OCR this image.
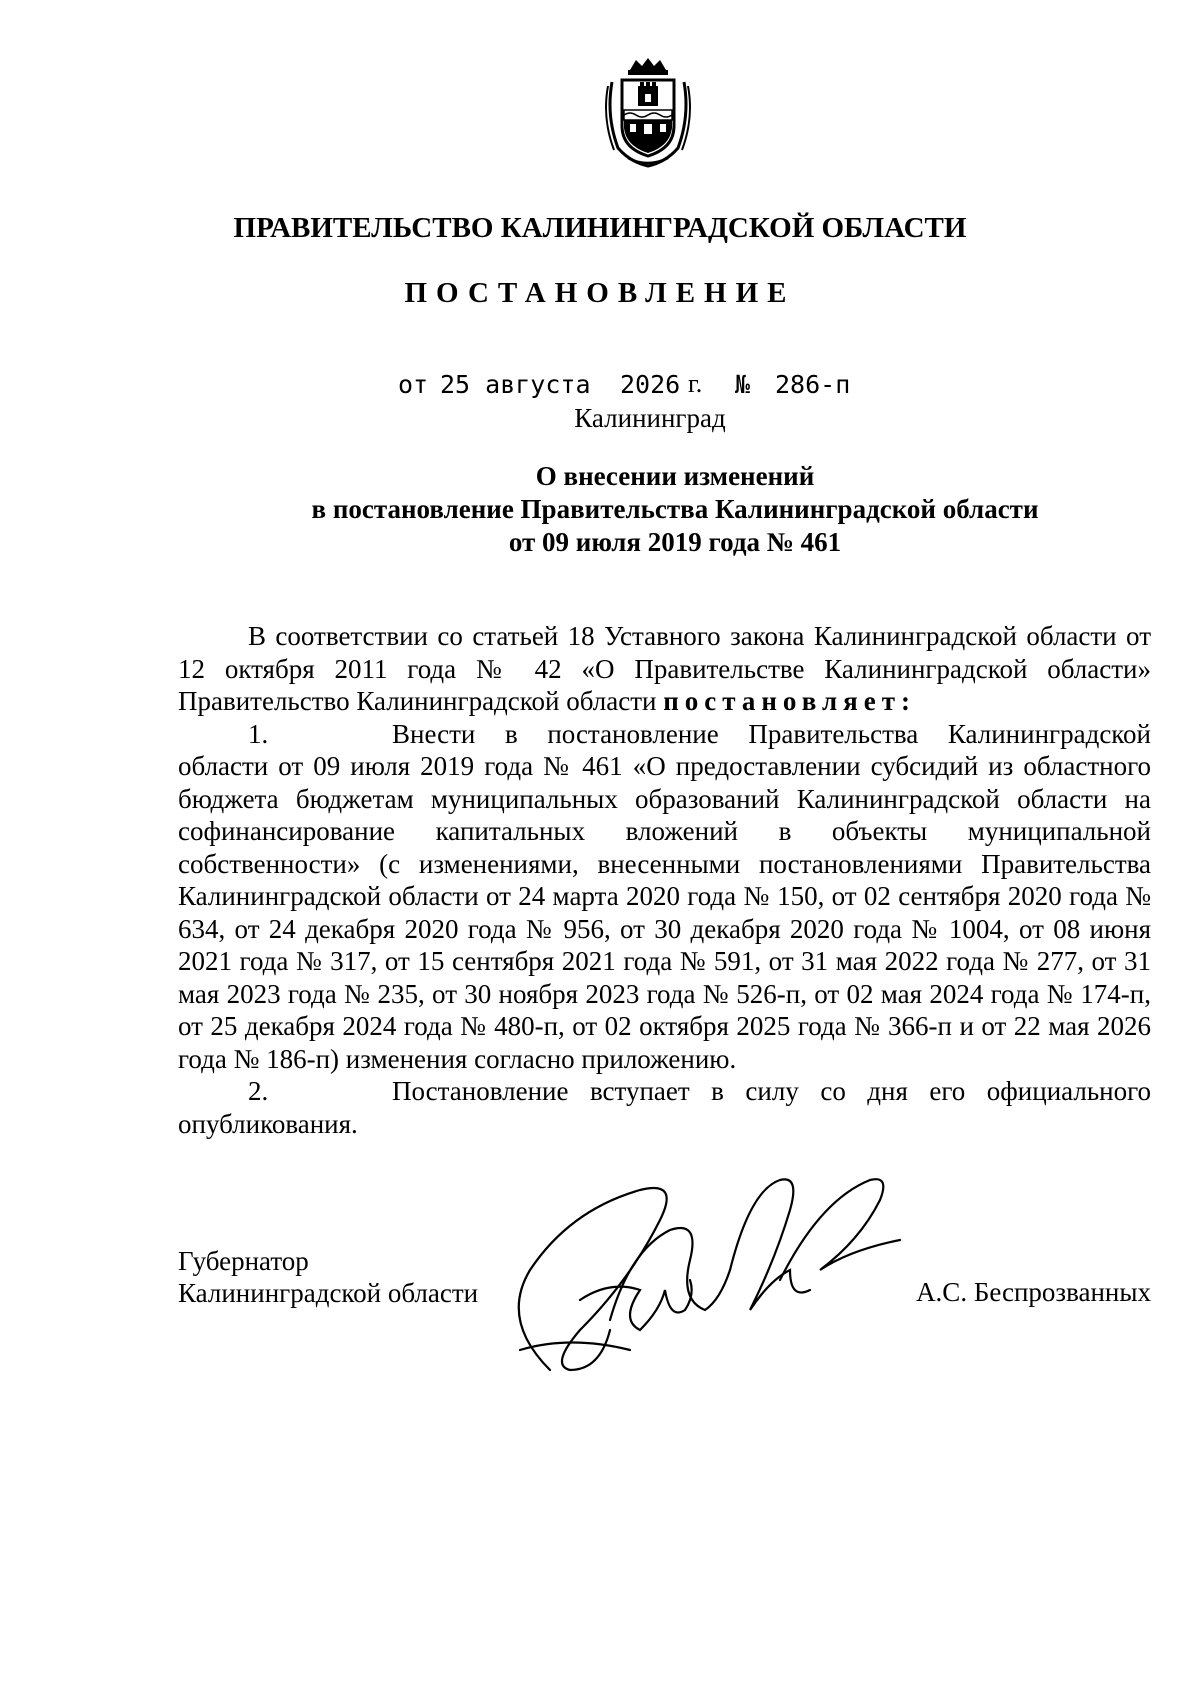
ПРАВИТЕЛЬСТВО КАЛИНИНГРАДСКОЙ ОБЛАСТИ
ПОСТАНОВЛЕНИЕ
от 25 августа 2026 г. № 286-п
Калининград
О внесении изменений
в постановление Правительства Калининградской области
от 09 июля 2019 года № 461

В соответствии со статьей 18 Уставного закона Калининградской области от 12 октября 2011 года № 42 «О Правительстве Калининградской области» Правительство Калининградской области постановляет:

1.	Внести в постановление Правительства Калининградской области от 09 июля 2019 года № 461 «О предоставлении субсидий из областного бюджета бюджетам муниципальных образований Калининградской области на софинансирование капитальных вложений в объекты муниципальной собственности» (с изменениями, внесенными постановлениями Правительства Калининградской области от 24 марта 2020 года № 150, от 02 сентября 2020 года № 634, от 24 декабря 2020 года № 956, от 30 декабря 2020 года № 1004, от 08 июня 2021 года № 317, от 15 сентября 2021 года № 591, от 31 мая 2022 года № 277, от 31 мая 2023 года № 235, от 30 ноября 2023 года № 526-п, от 02 мая 2024 года № 174-п, от 25 декабря 2024 года № 480-п, от 02 октября 2025 года № 366-п и от 22 мая 2026 года № 186-п) изменения согласно приложению.

2.	Постановление вступает в силу со дня его официального опубликования.

Губернатор
Калининградской области	А.С. Беспрозванных
